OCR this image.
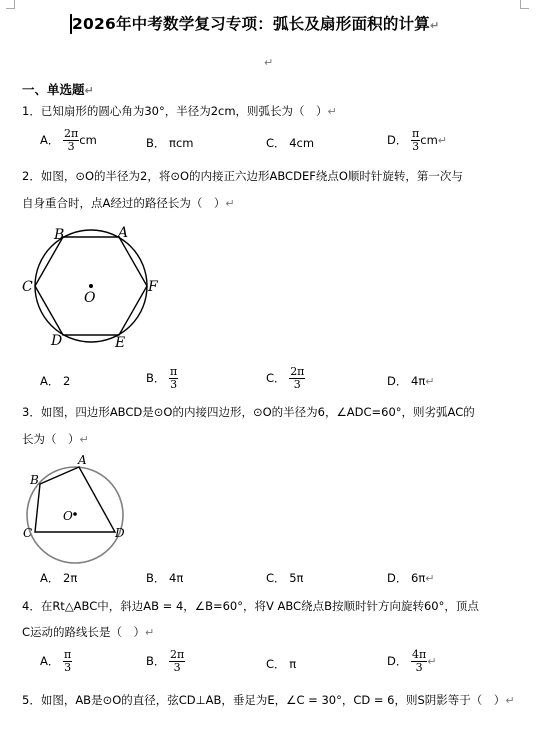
2026年中考数学复习专项：弧长及扇形面积的计算↵
↵
一、单选题↵
1．已知扇形的圆心角为30°，半径为2cm，则弧长为（　）↵
A． $\frac{2\pi}{3}$ cm	B． πcm	C． 4cm	D． $\frac{\pi}{3}$ cm↵
2．如图，⊙O的半径为2，将⊙O的内接正六边形ABCDEF绕点O顺时针旋转，第一次与
自身重合时，点A经过的路径长为（　）↵
B	A
C	F
O
D	E
A． 2	B． $\frac{\pi}{3}$	C． $\frac{2\pi}{3}$	D． 4π↵
3．如图，四边形ABCD是⊙O的内接四边形，⊙O的半径为6，∠ADC=60°，则劣弧AC的
长为（　）↵
A
B
C	D
O
A． 2π	B． 4π	C． 5π	D． 6π↵
4．在Rt△ABC中，斜边AB = 4，∠B=60°，将V ABC绕点B按顺时针方向旋转60°，顶点
C运动的路线长是（　）↵
A． $\frac{\pi}{3}$	B． $\frac{2\pi}{3}$	C． π	D． $\frac{4\pi}{3}$ ↵
5．如图，AB是⊙O的直径，弦CD⊥AB，垂足为E，∠C = 30°，CD = 6，则S阴影等于（　）↵
